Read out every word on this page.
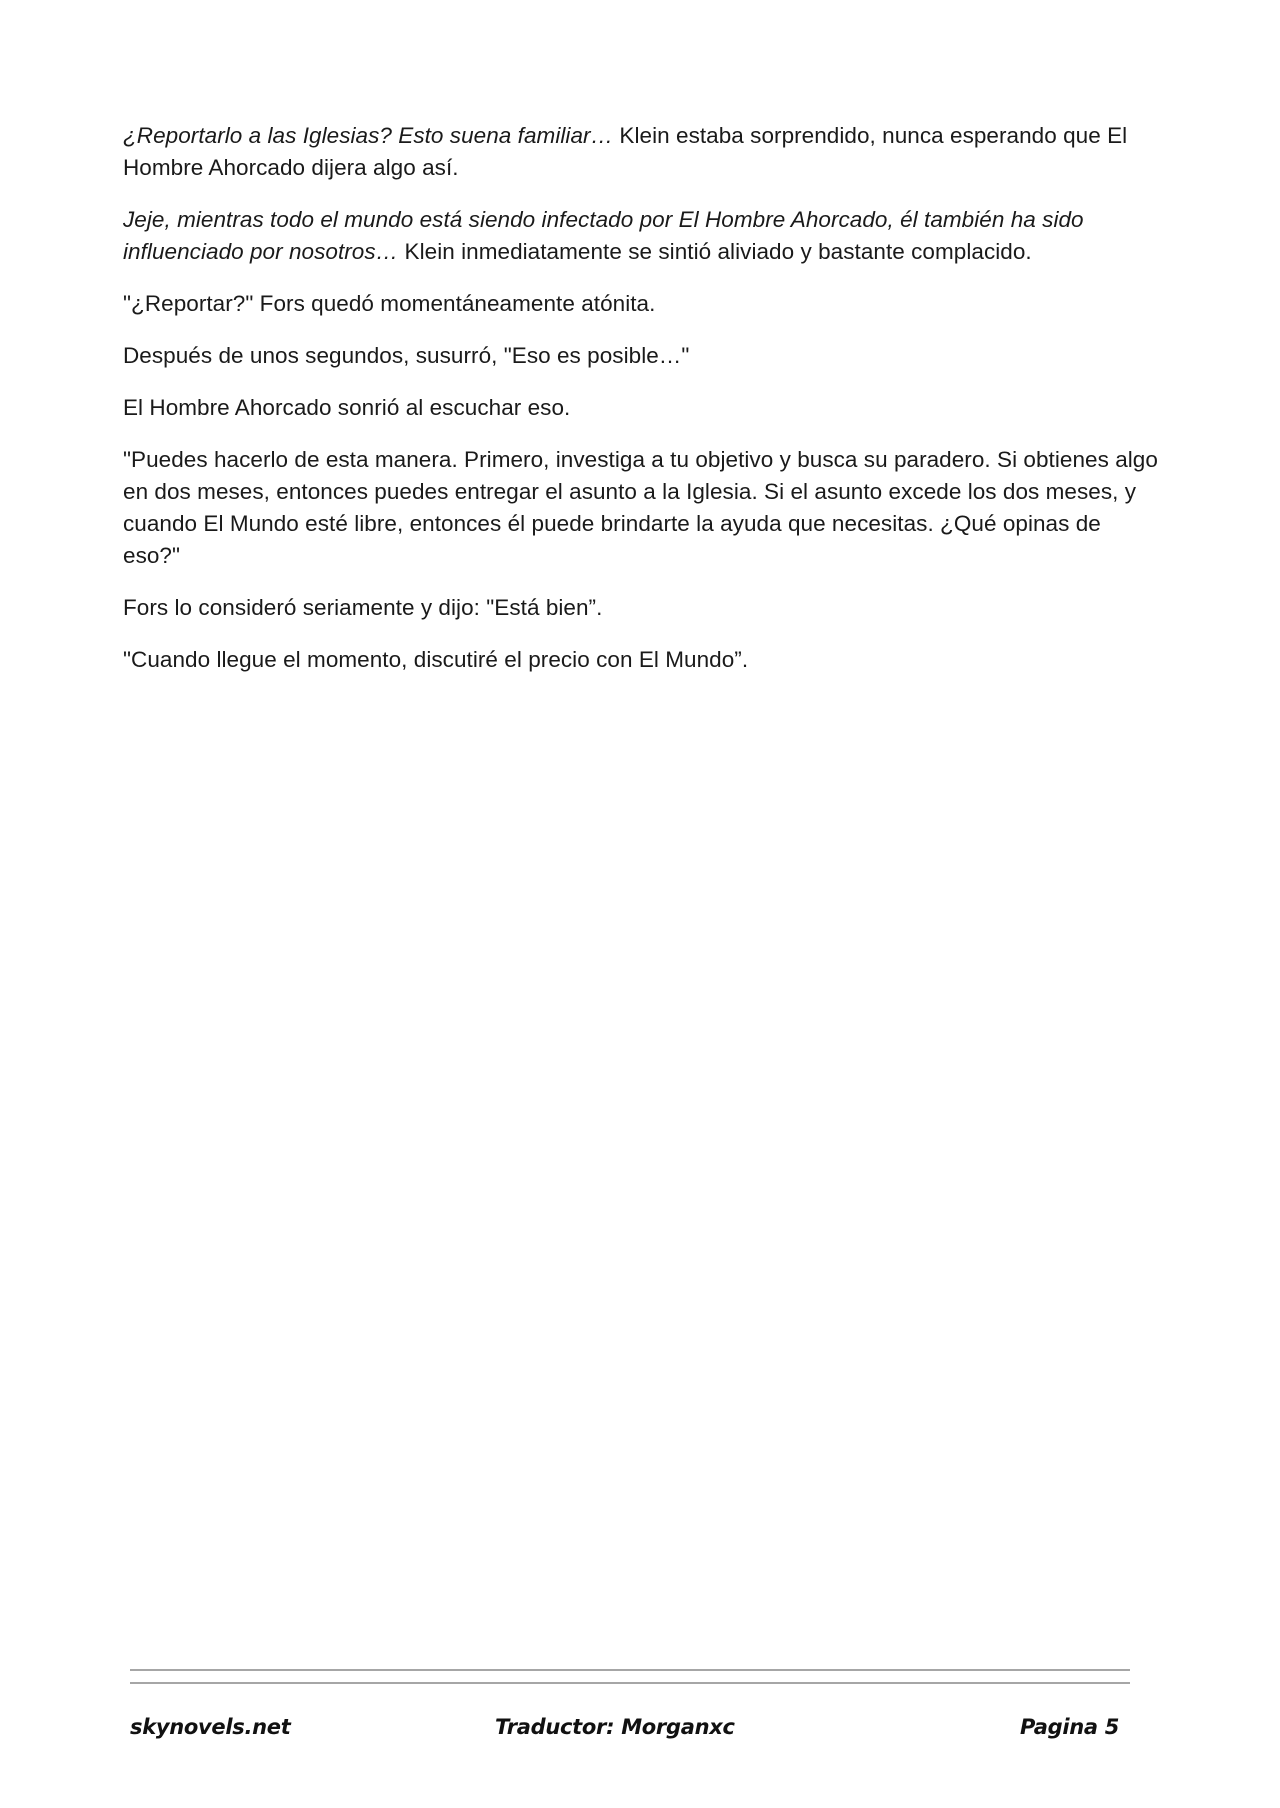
¿Reportarlo a las Iglesias? Esto suena familiar… Klein estaba sorprendido, nunca esperando que El Hombre Ahorcado dijera algo así.

Jeje, mientras todo el mundo está siendo infectado por El Hombre Ahorcado, él también ha sido influenciado por nosotros… Klein inmediatamente se sintió aliviado y bastante complacido.

"¿Reportar?" Fors quedó momentáneamente atónita.

Después de unos segundos, susurró, "Eso es posible…"

El Hombre Ahorcado sonrió al escuchar eso.

"Puedes hacerlo de esta manera. Primero, investiga a tu objetivo y busca su paradero. Si obtienes algo en dos meses, entonces puedes entregar el asunto a la Iglesia. Si el asunto excede los dos meses, y cuando El Mundo esté libre, entonces él puede brindarte la ayuda que necesitas. ¿Qué opinas de eso?"

Fors lo consideró seriamente y dijo: "Está bien”.

"Cuando llegue el momento, discutiré el precio con El Mundo”.

skynovels.net	Traductor: Morganxc	Pagina 5
